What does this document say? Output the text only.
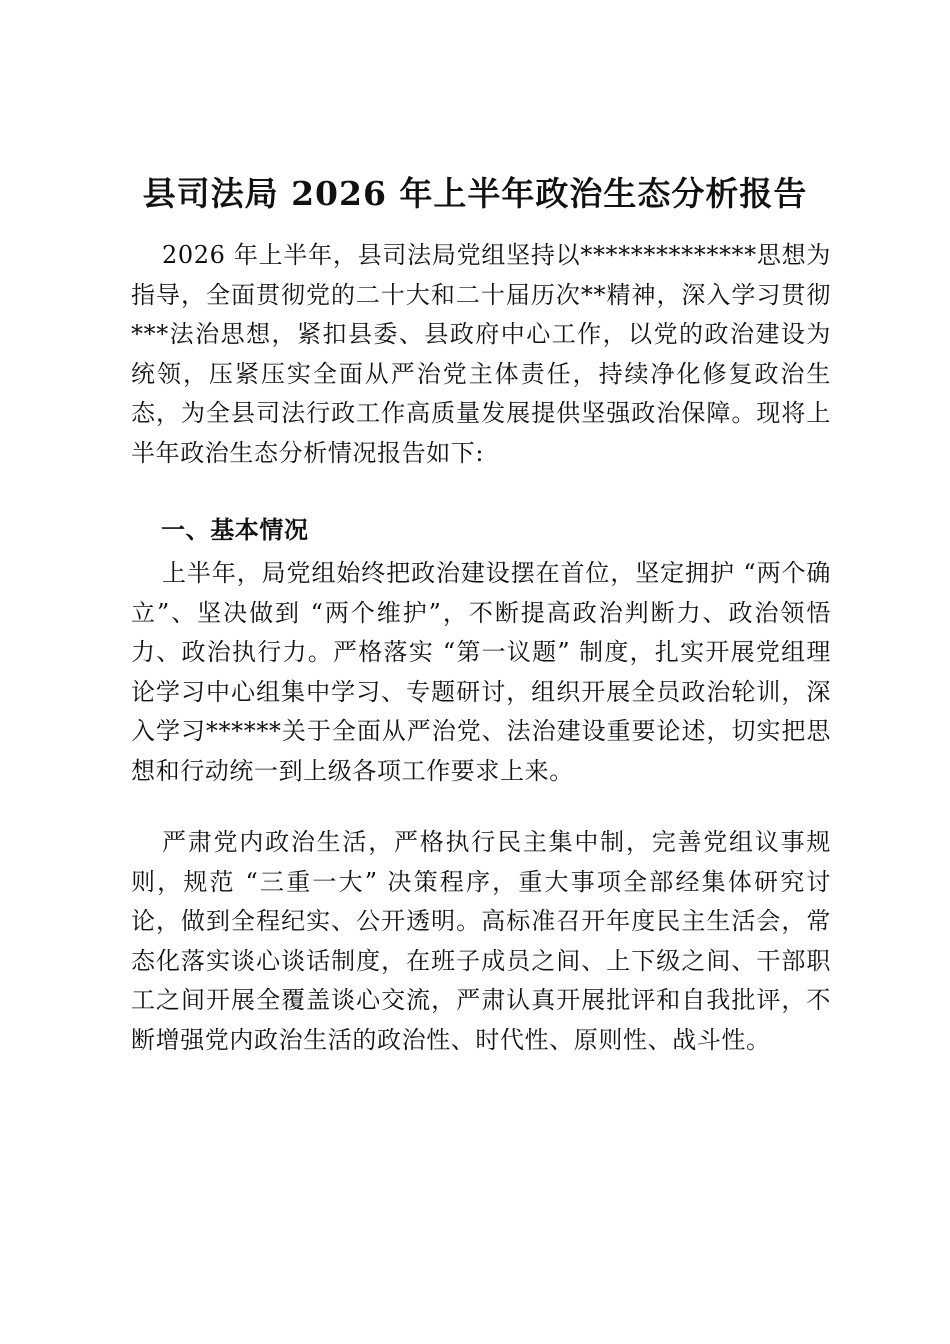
县司法局 2026 年上半年政治生态分析报告
2026 年上半年，县司法局党组坚持以**************思想为指导，全面贯彻党的二十大和二十届历次**精神，深入学习贯彻***法治思想，紧扣县委、县政府中心工作，以党的政治建设为统领，压紧压实全面从严治党主体责任，持续净化修复政治生态，为全县司法行政工作高质量发展提供坚强政治保障。现将上半年政治生态分析情况报告如下:
一、基本情况
上半年，局党组始终把政治建设摆在首位，坚定拥护 “两个确立”、坚决做到 “两个维护”，不断提高政治判断力、政治领悟力、政治执行力。严格落实 “第一议题” 制度，扎实开展党组理论学习中心组集中学习、专题研讨，组织开展全员政治轮训，深入学习******关于全面从严治党、法治建设重要论述，切实把思想和行动统一到上级各项工作要求上来。
严肃党内政治生活，严格执行民主集中制，完善党组议事规则，规范 “三重一大” 决策程序，重大事项全部经集体研究讨论，做到全程纪实、公开透明。高标准召开年度民主生活会，常态化落实谈心谈话制度，在班子成员之间、上下级之间、干部职工之间开展全覆盖谈心交流，严肃认真开展批评和自我批评，不断增强党内政治生活的政治性、时代性、原则性、战斗性。
